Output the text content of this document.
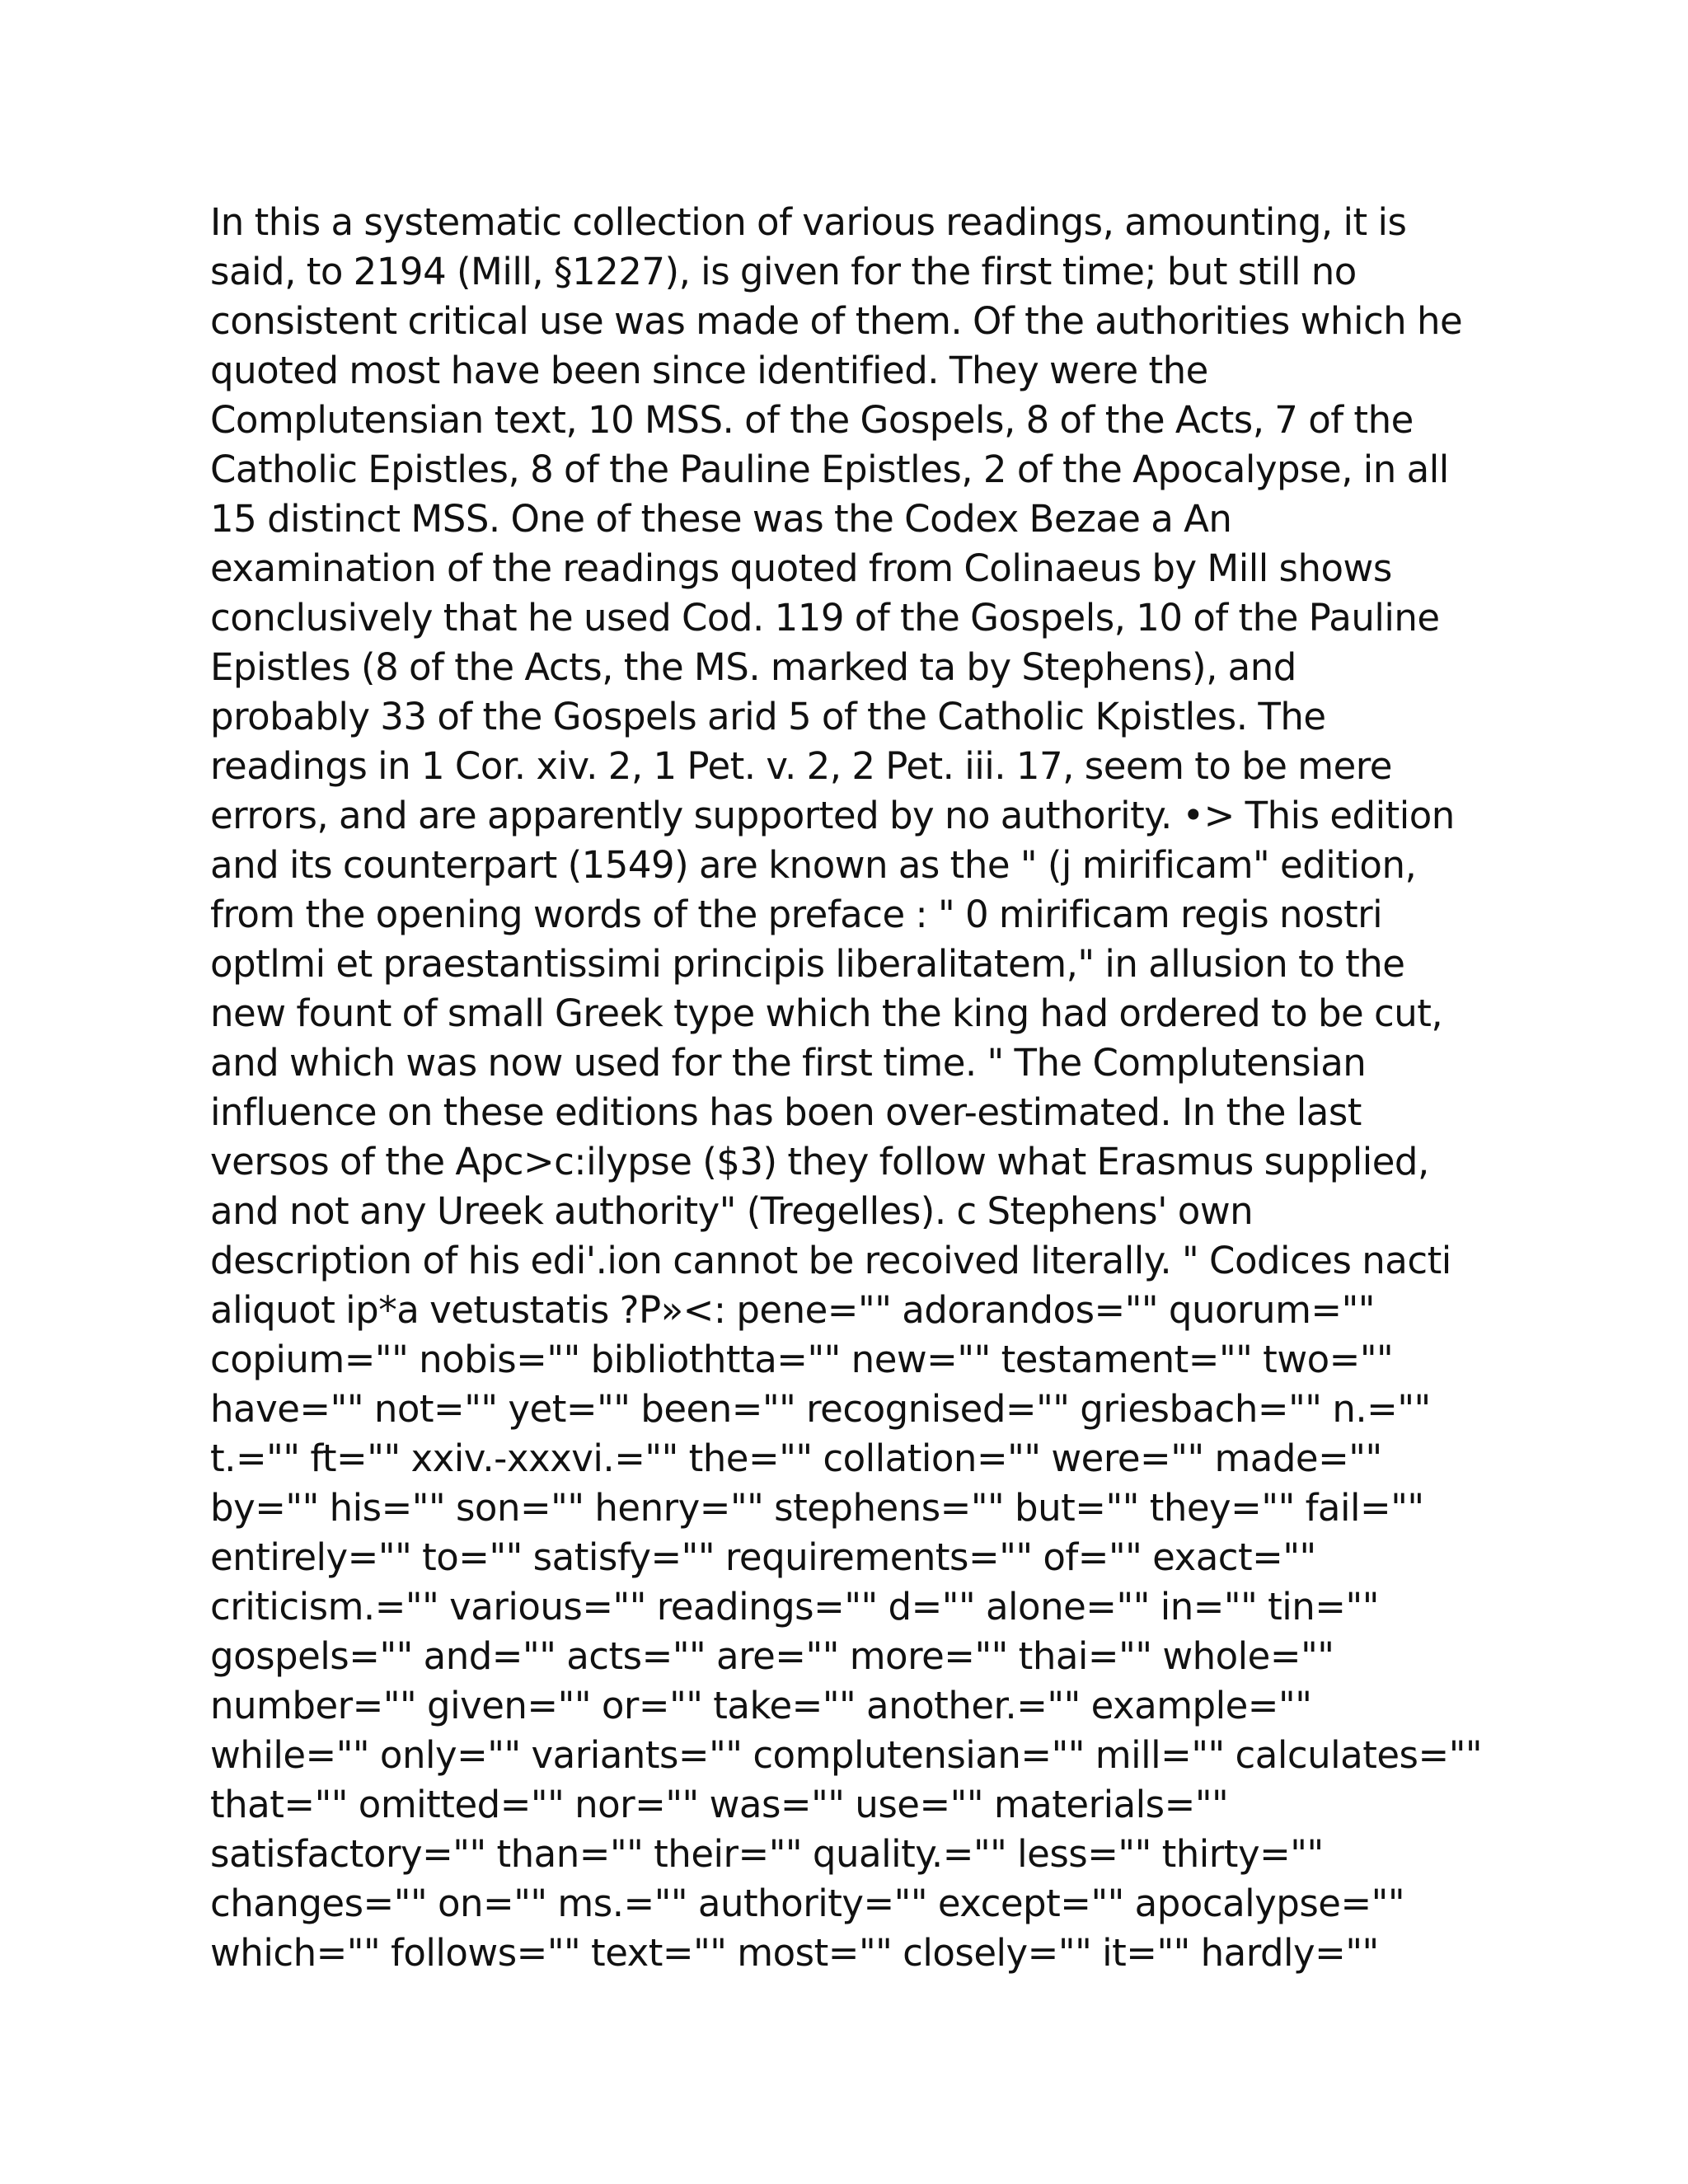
In this a systematic collection of various readings, amounting, it is
said, to 2194 (Mill, §1227), is given for the first time; but still no
consistent critical use was made of them. Of the authorities which he
quoted most have been since identified. They were the
Complutensian text, 10 MSS. of the Gospels, 8 of the Acts, 7 of the
Catholic Epistles, 8 of the Pauline Epistles, 2 of the Apocalypse, in all
15 distinct MSS. One of these was the Codex Bezae a An
examination of the readings quoted from Colinaeus by Mill shows
conclusively that he used Cod. 119 of the Gospels, 10 of the Pauline
Epistles (8 of the Acts, the MS. marked ta by Stephens), and
probably 33 of the Gospels arid 5 of the Catholic Kpistles. The
readings in 1 Cor. xiv. 2, 1 Pet. v. 2, 2 Pet. iii. 17, seem to be mere
errors, and are apparently supported by no authority. •> This edition
and its counterpart (1549) are known as the " (j mirificam" edition,
from the opening words of the preface : " 0 mirificam regis nostri
optlmi et praestantissimi principis liberalitatem," in allusion to the
new fount of small Greek type which the king had ordered to be cut,
and which was now used for the first time. " The Complutensian
influence on these editions has boen over-estimated. In the last
versos of the Apc>c:ilypse ($3) they follow what Erasmus supplied,
and not any Ureek authority" (Tregelles). c Stephens' own
description of his edi'.ion cannot be recoived literally. " Codices nacti
aliquot ip*a vetustatis ?P»<: pene="" adorandos="" quorum=""
copium="" nobis="" bibliothtta="" new="" testament="" two=""
have="" not="" yet="" been="" recognised="" griesbach="" n.=""
t.="" ft="" xxiv.-xxxvi.="" the="" collation="" were="" made=""
by="" his="" son="" henry="" stephens="" but="" they="" fail=""
entirely="" to="" satisfy="" requirements="" of="" exact=""
criticism.="" various="" readings="" d="" alone="" in="" tin=""
gospels="" and="" acts="" are="" more="" thai="" whole=""
number="" given="" or="" take="" another.="" example=""
while="" only="" variants="" complutensian="" mill="" calculates=""
that="" omitted="" nor="" was="" use="" materials=""
satisfactory="" than="" their="" quality.="" less="" thirty=""
changes="" on="" ms.="" authority="" except="" apocalypse=""
which="" follows="" text="" most="" closely="" it="" hardly=""
